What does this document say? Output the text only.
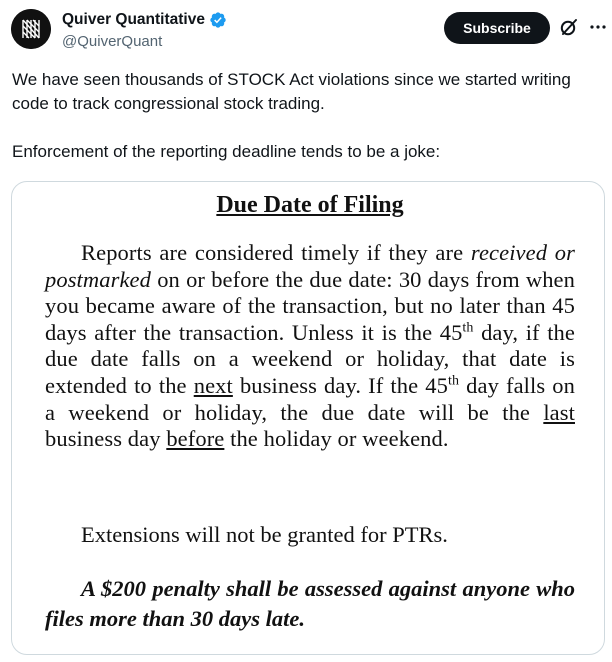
Quiver Quantitative
@QuiverQuant
Subscribe

We have seen thousands of STOCK Act violations since we started writing code to track congressional stock trading.

Enforcement of the reporting deadline tends to be a joke:

Due Date of Filing
Reports are considered timely if they are received or postmarked on or before the due date: 30 days from when you became aware of the transaction, but no later than 45 days after the transaction. Unless it is the 45th day, if the due date falls on a weekend or holiday, that date is extended to the next business day. If the 45th day falls on a weekend or holiday, the due date will be the last business day before the holiday or weekend.
Extensions will not be granted for PTRs.
A $200 penalty shall be assessed against anyone who files more than 30 days late.
